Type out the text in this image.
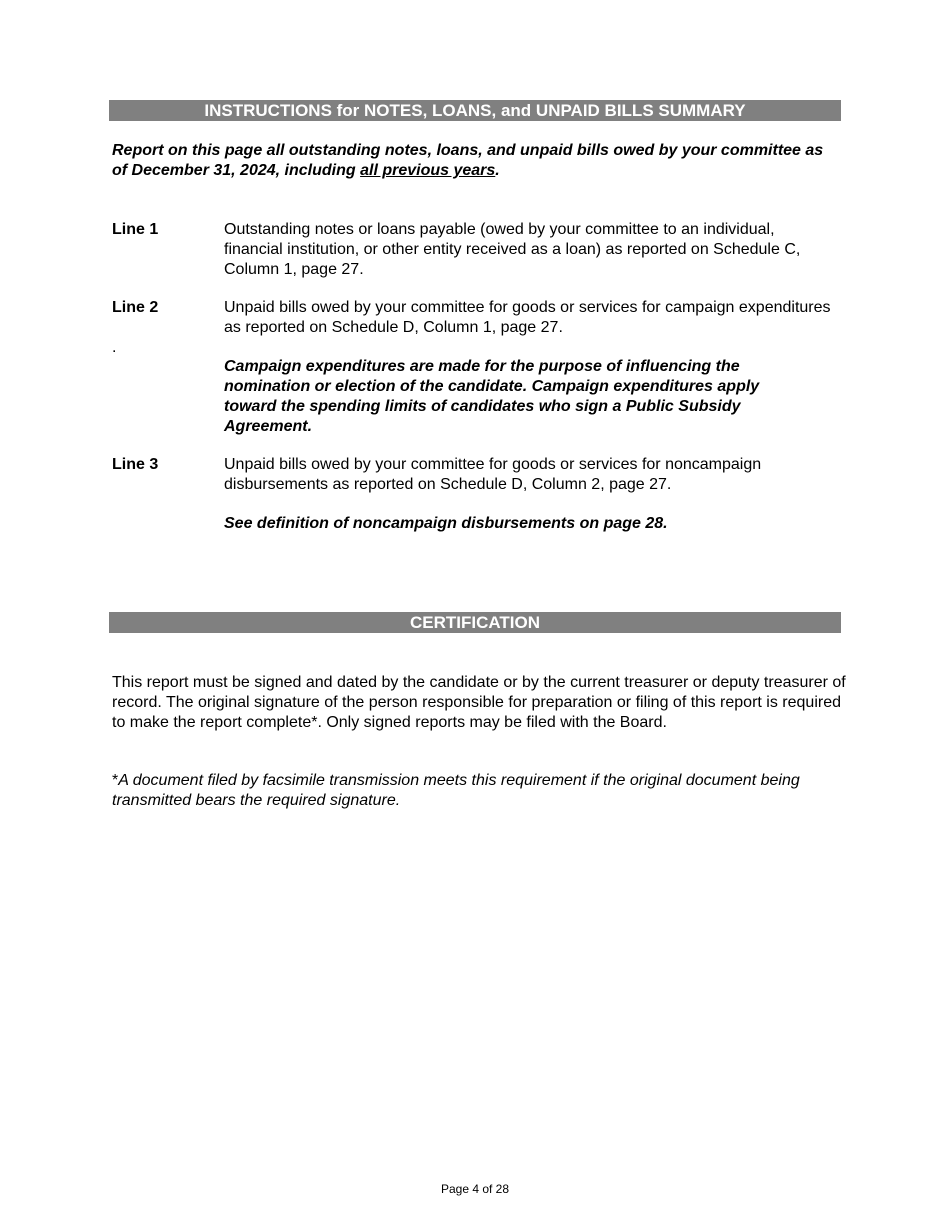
INSTRUCTIONS for NOTES, LOANS, and UNPAID BILLS SUMMARY
Report on this page all outstanding notes, loans, and unpaid bills owed by your committee as of December 31, 2024, including all previous years.
Line 1	Outstanding notes or loans payable (owed by your committee to an individual, financial institution, or other entity received as a loan) as reported on Schedule C, Column 1, page 27.
Line 2	Unpaid bills owed by your committee for goods or services for campaign expenditures as reported on Schedule D, Column 1, page 27.
.
Campaign expenditures are made for the purpose of influencing the nomination or election of the candidate. Campaign expenditures apply toward the spending limits of candidates who sign a Public Subsidy Agreement.
Line 3	Unpaid bills owed by your committee for goods or services for noncampaign disbursements as reported on Schedule D, Column 2, page 27.
See definition of noncampaign disbursements on page 28.
CERTIFICATION
This report must be signed and dated by the candidate or by the current treasurer or deputy treasurer of record. The original signature of the person responsible for preparation or filing of this report is required to make the report complete*. Only signed reports may be filed with the Board.
*A document filed by facsimile transmission meets this requirement if the original document being transmitted bears the required signature.
Page 4 of 28
